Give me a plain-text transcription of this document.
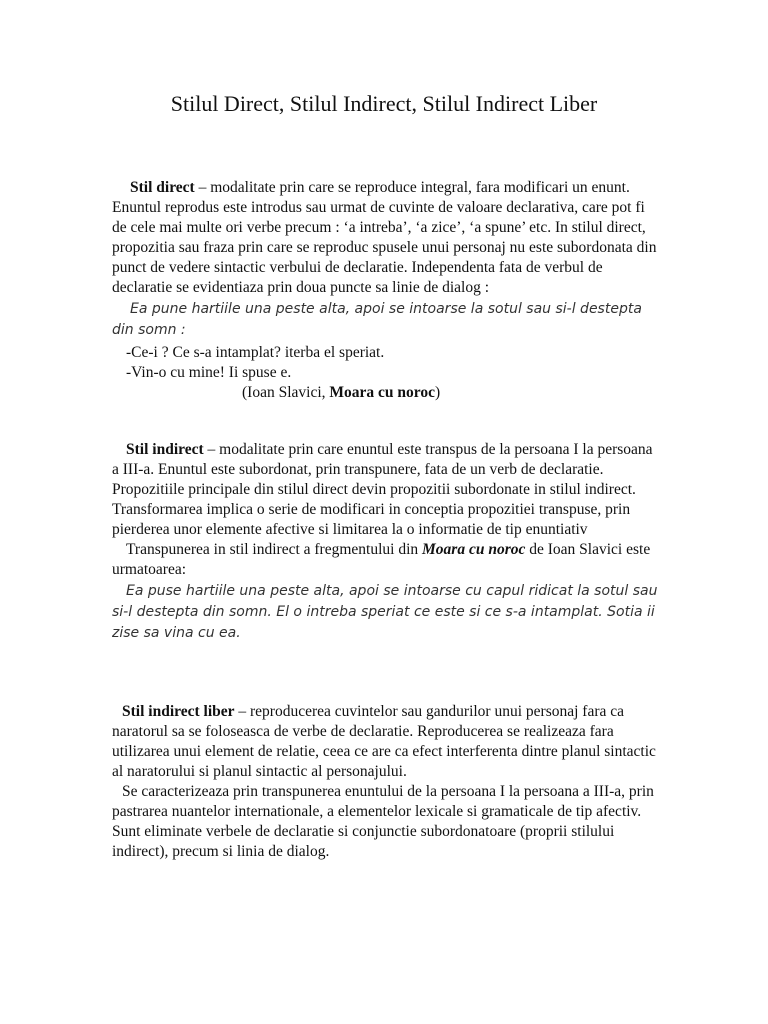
Stilul Direct, Stilul Indirect, Stilul Indirect Liber

Stil direct – modalitate prin care se reproduce integral, fara modificari un enunt. Enuntul reprodus este introdus sau urmat de cuvinte de valoare declarativa, care pot fi de cele mai multe ori verbe precum : ‘a intreba’, ‘a zice’, ‘a spune’ etc. In stilul direct, propozitia sau fraza prin care se reproduc spusele unui personaj nu este subordonata din punct de vedere sintactic verbului de declaratie. Independenta fata de verbul de declaratie se evidentiaza prin doua puncte sa linie de dialog :

Ea pune hartiile una peste alta, apoi se intoarse la sotul sau si-l destepta din somn :

-Ce-i ? Ce s-a intamplat? iterba el speriat.

-Vin-o cu mine! Ii spuse e.

(Ioan Slavici, Moara cu noroc)

Stil indirect – modalitate prin care enuntul este transpus de la persoana I la persoana a III-a. Enuntul este subordonat, prin transpunere, fata de un verb de declaratie. Propozitiile principale din stilul direct devin propozitii subordonate in stilul indirect. Transformarea implica o serie de modificari in conceptia propozitiei transpuse, prin pierderea unor elemente afective si limitarea la o informatie de tip enuntiativ

Transpunerea in stil indirect a fregmentului din Moara cu noroc de Ioan Slavici este urmatoarea:

Ea puse hartiile una peste alta, apoi se intoarse cu capul ridicat la sotul sau si-l destepta din somn. El o intreba speriat ce este si ce s-a intamplat. Sotia ii zise sa vina cu ea.

Stil indirect liber – reproducerea cuvintelor sau gandurilor unui personaj fara ca naratorul sa se foloseasca de verbe de declaratie. Reproducerea se realizeaza fara utilizarea unui element de relatie, ceea ce are ca efect interferenta dintre planul sintactic al naratorului si planul sintactic al personajului.

Se caracterizeaza prin transpunerea enuntului de la persoana I la persoana a III-a, prin pastrarea nuantelor internationale, a elementelor lexicale si gramaticale de tip afectiv. Sunt eliminate verbele de declaratie si conjunctie subordonatoare (proprii stilului indirect), precum si linia de dialog.
